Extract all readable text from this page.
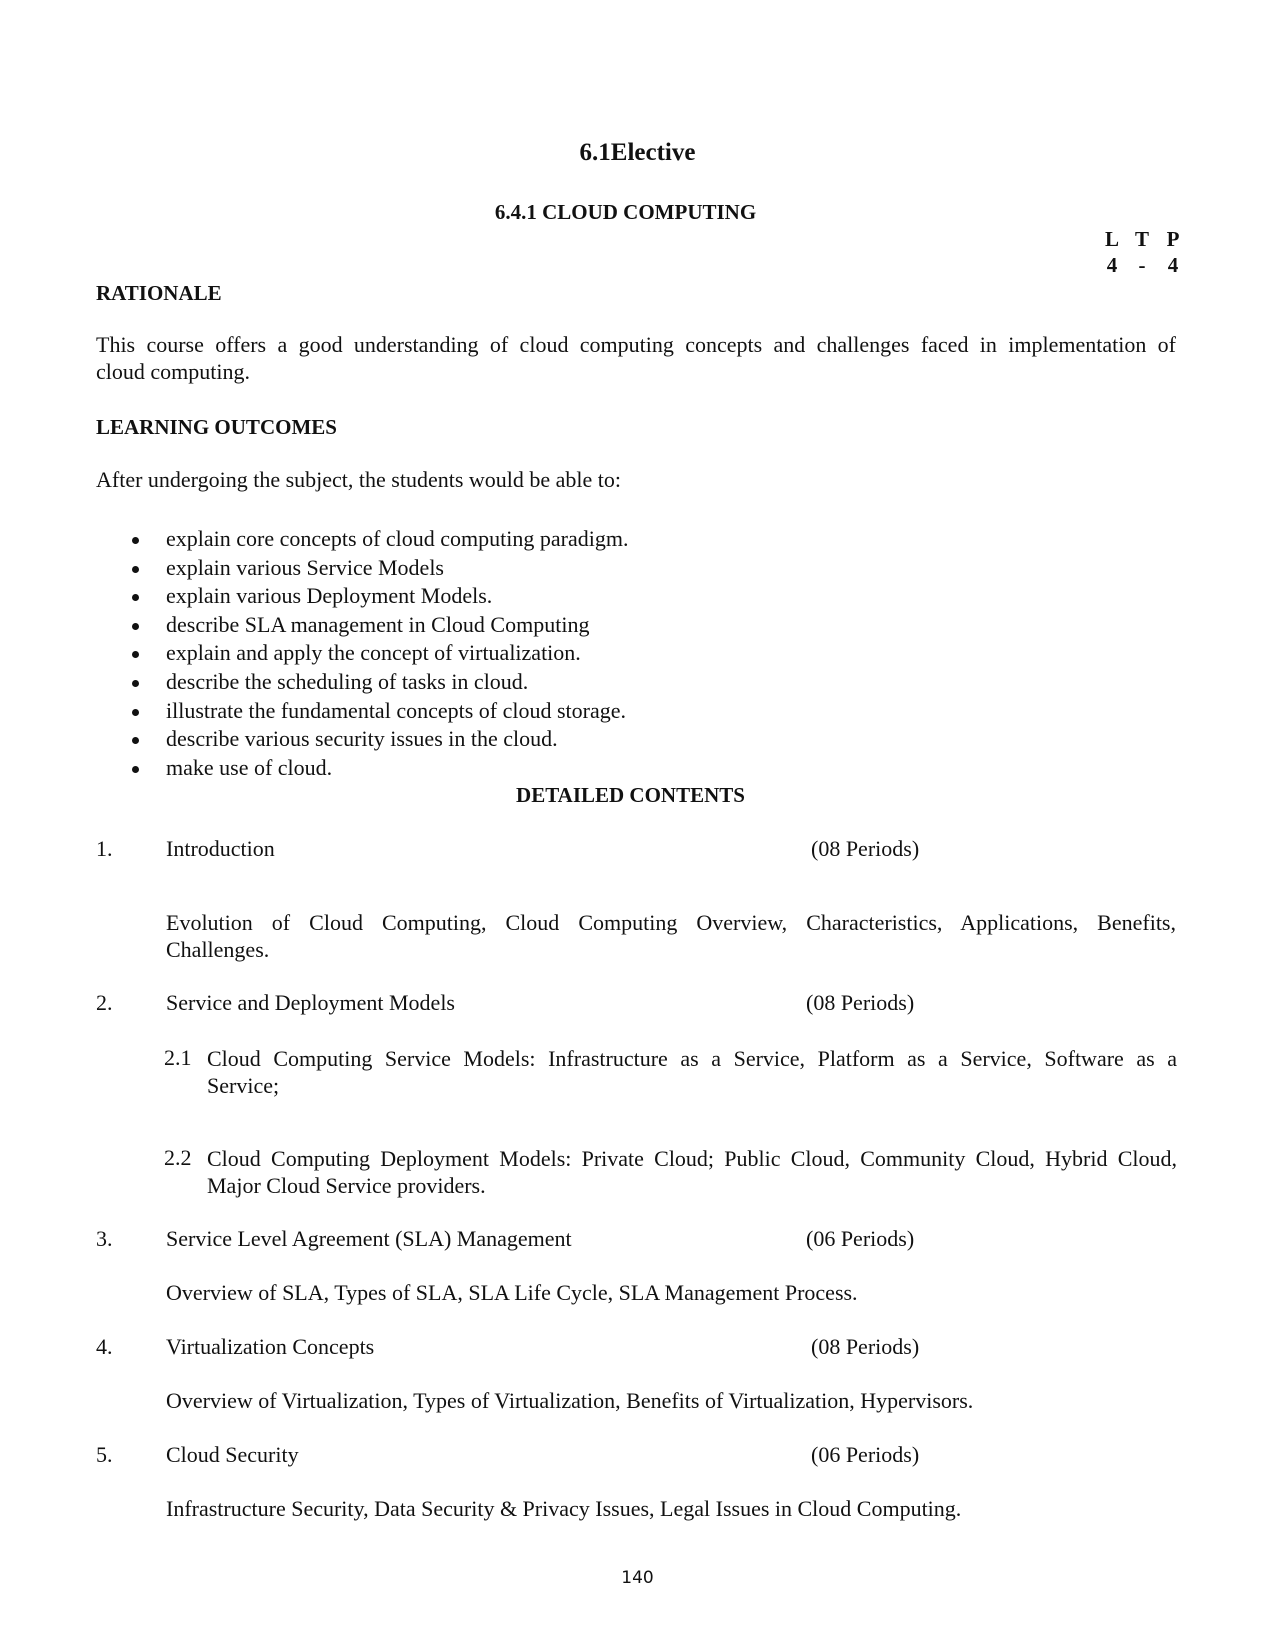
6.1Elective
6.4.1 CLOUD COMPUTING
L T P
4	-	4
RATIONALE
This course offers a good understanding of cloud computing concepts and challenges faced in implementation of
cloud computing.
LEARNING OUTCOMES
After undergoing the subject, the students would be able to:
explain core concepts of cloud computing paradigm.
explain various Service Models
explain various Deployment Models.
describe SLA management in Cloud Computing
explain and apply the concept of virtualization.
describe the scheduling of tasks in cloud.
illustrate the fundamental concepts of cloud storage.
describe various security issues in the cloud.
make use of cloud.
DETAILED CONTENTS
1. Introduction	(08 Periods)
Evolution of Cloud Computing, Cloud Computing Overview, Characteristics, Applications, Benefits,
Challenges.
2. Service and Deployment Models	(08 Periods)
2.1 Cloud Computing Service Models: Infrastructure as a Service, Platform as a Service, Software as a
Service;
2.2 Cloud Computing Deployment Models: Private Cloud; Public Cloud, Community Cloud, Hybrid Cloud,
Major Cloud Service providers.
3. Service Level Agreement (SLA) Management	(06 Periods)
Overview of SLA, Types of SLA, SLA Life Cycle, SLA Management Process.
4. Virtualization Concepts	(08 Periods)
Overview of Virtualization, Types of Virtualization, Benefits of Virtualization, Hypervisors.
5. Cloud Security	(06 Periods)
Infrastructure Security, Data Security & Privacy Issues, Legal Issues in Cloud Computing.
140
